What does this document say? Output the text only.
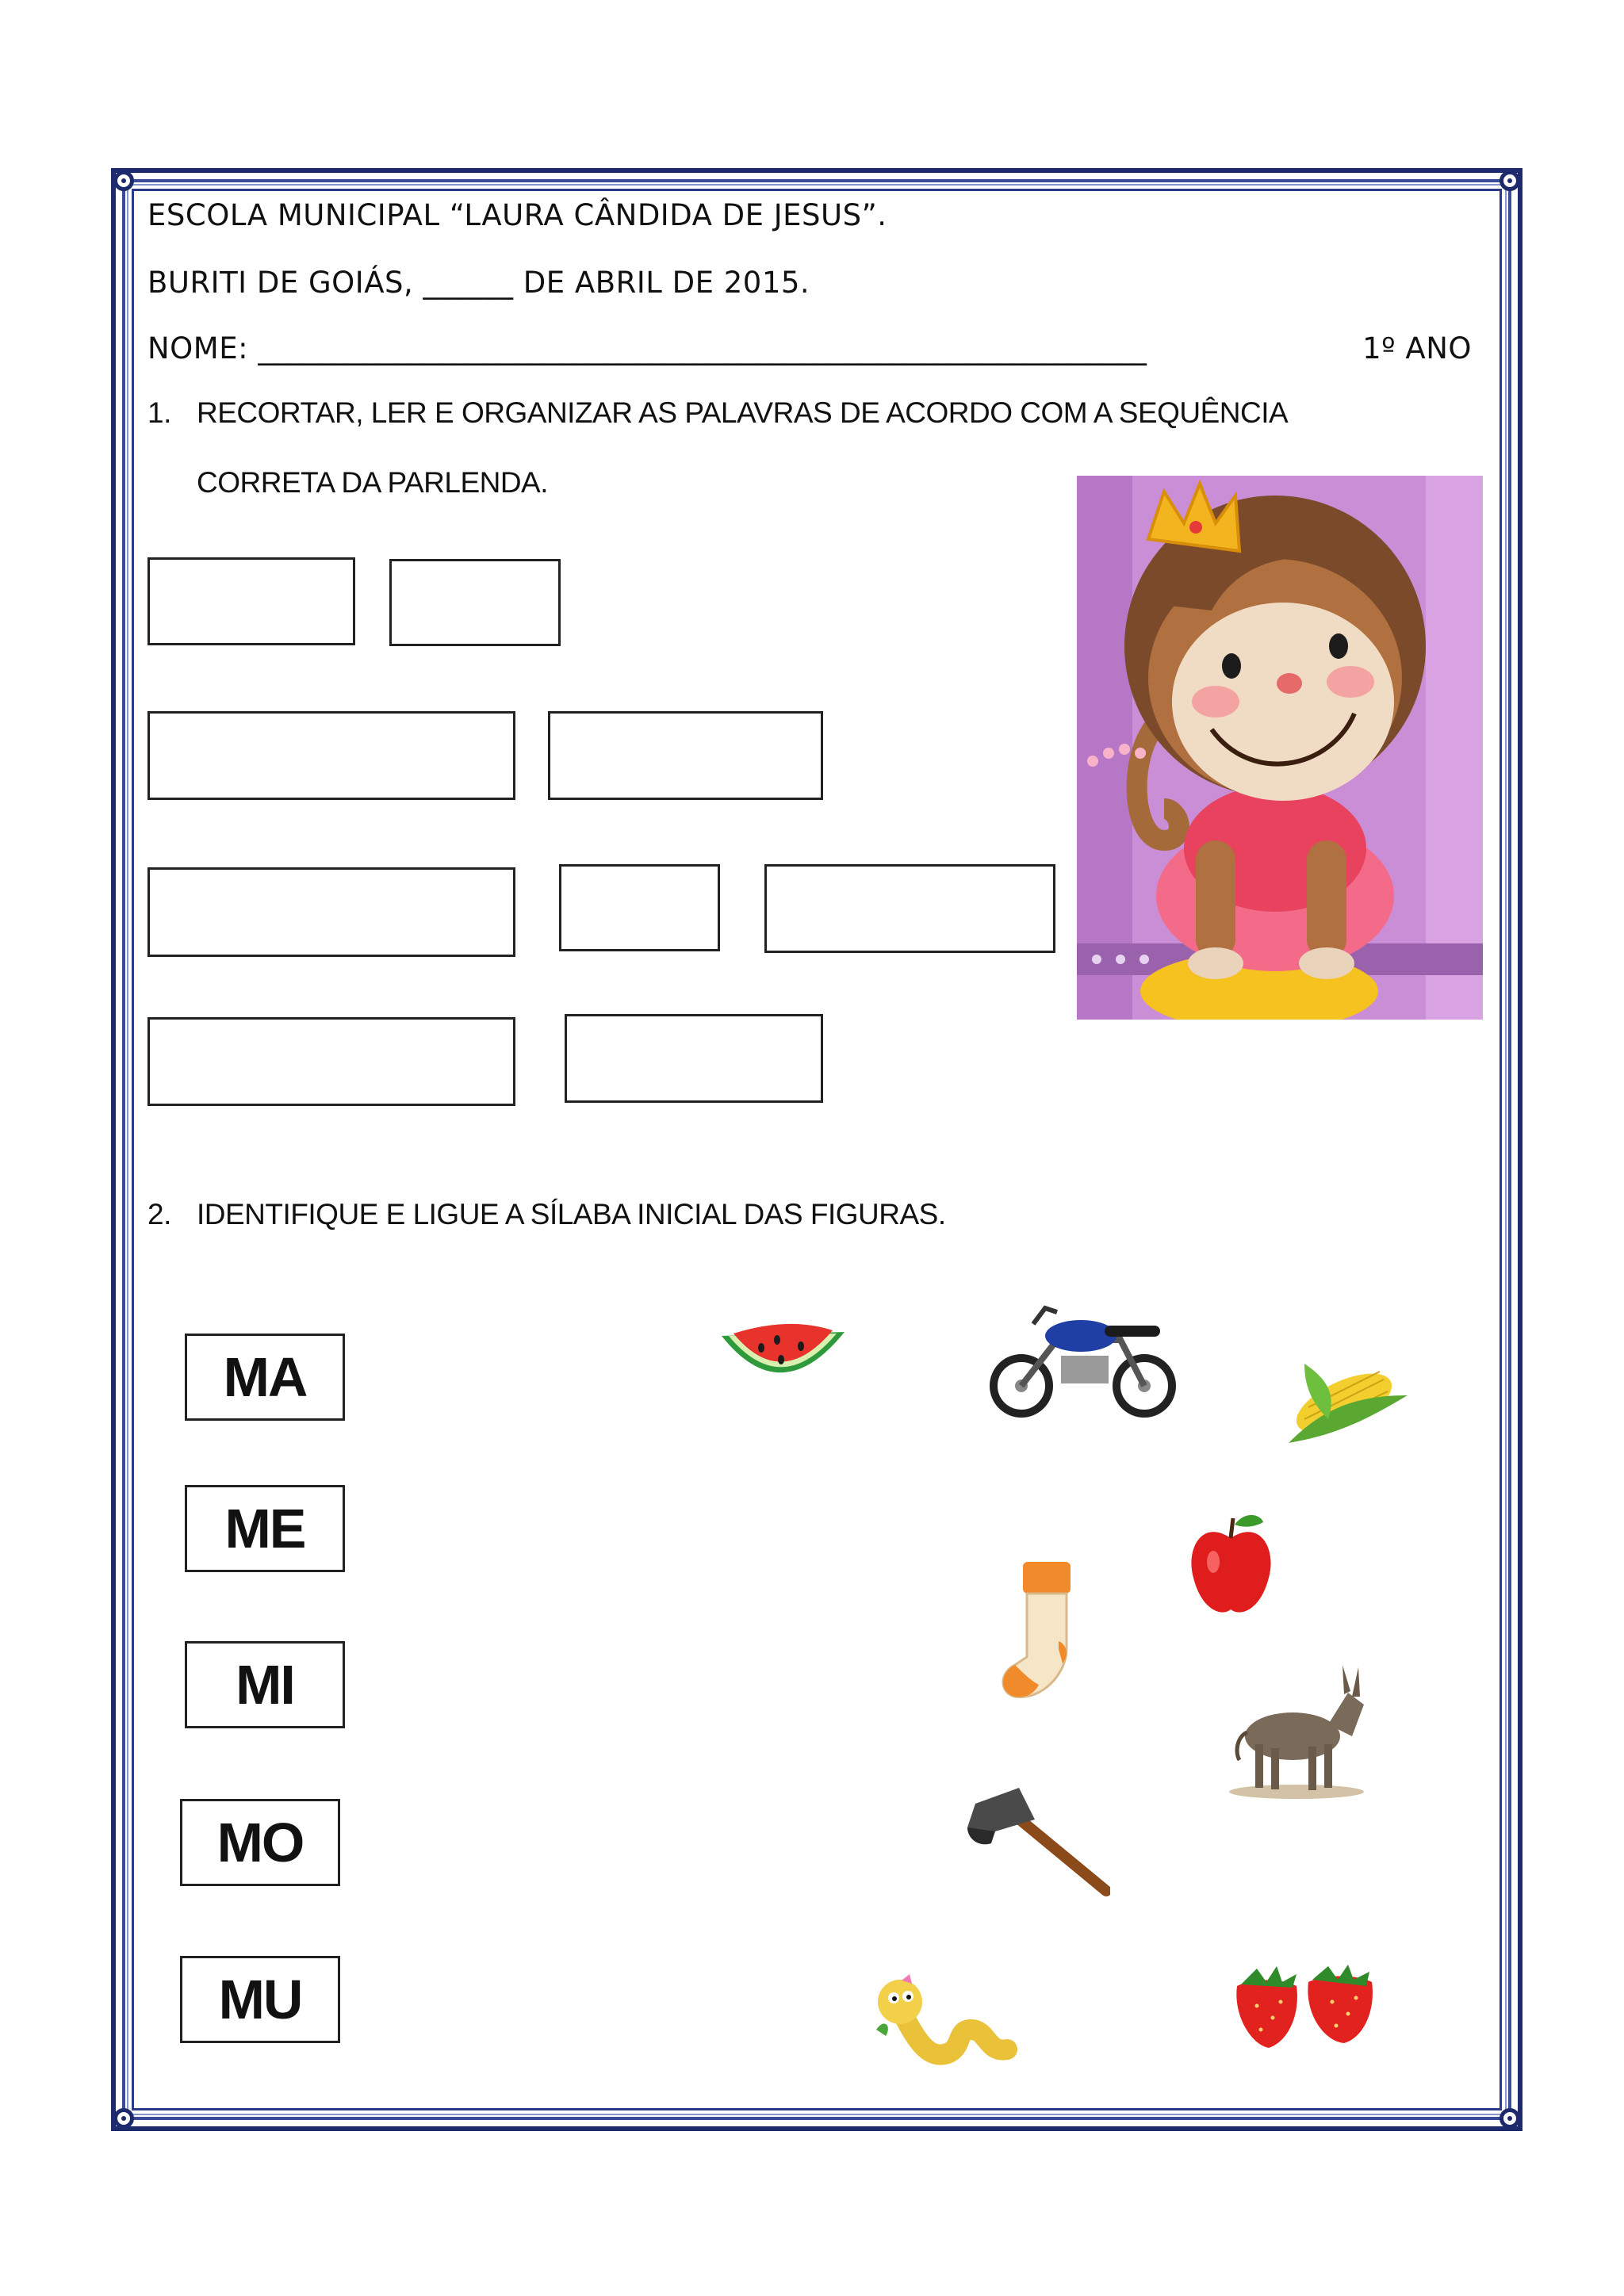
ESCOLA MUNICIPAL “LAURA CÂNDIDA DE JESUS”.
BURITI DE GOIÁS, ______ DE ABRIL DE 2015.
NOME: ___________________________________________________________	1º ANO
1. RECORTAR, LER E ORGANIZAR AS PALAVRAS DE ACORDO COM A SEQUÊNCIA
CORRETA DA PARLENDA.
2. IDENTIFIQUE E LIGUE A SÍLABA INICIAL DAS FIGURAS.
MA
ME
MI
MO
MU
